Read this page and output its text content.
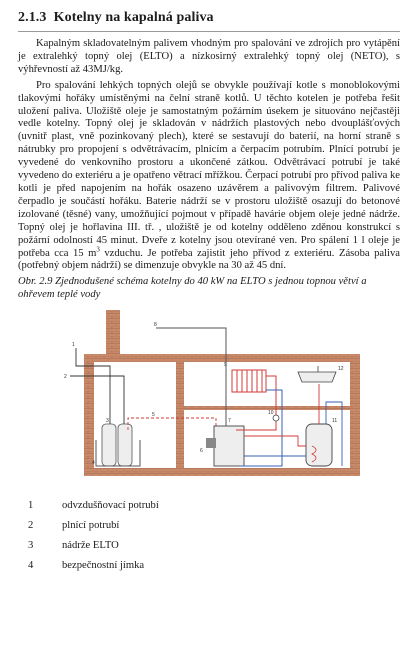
2.1.3 Kotelny na kapalná paliva

Kapalným skladovatelným palivem vhodným pro spalování ve zdrojích pro vytápění je extralehký topný olej (ELTO) a nízkosirný extralehký topný olej (NETO), s výhřevností až 43MJ/kg.

Pro spalování lehkých topných olejů se obvykle používají kotle s monoblokovými tlakovými hořáky umístěnými na čelní straně kotlů. U těchto kotelen je potřeba řešit uložení paliva. Uložiště oleje je samostatným požárním úsekem je situováno nejčastěji vedle kotelny. Topný olej je skladován v nádržích plastových nebo dvouplášťových (uvnitř plast, vně pozinkovaný plech), které se sestavují do baterií, na horní straně s nátrubky pro propojení s odvětrávacím, plnicím a čerpacím potrubím. Plnící potrubí je vyvedené do venkovního prostoru a ukončené zátkou. Odvětrávací potrubí je také vyvedeno do exteriéru a je opatřeno větrací mřížkou. Čerpací potrubí pro přívod paliva ke kotli je před napojením na hořák osazeno uzávěrem a palivovým filtrem. Palivové čerpadlo je součástí hořáku. Baterie nádrží se v prostoru uložiště osazují do betonové izolované (těsné) vany, umožňující pojmout v případě havárie objem oleje jedné nádrže. Topný olej je hořlavina III. tř. , uložiště je od kotelny odděleno zděnou konstrukcí s požární odolností 45 minut. Dveře z kotelny jsou otevírané ven. Pro spálení 1 l oleje je potřeba cca 15 $m^3$ vzduchu. Je potřeba zajistit jeho přívod z exteriéru. Zásoba paliva (potřebný objem nádrží) se dimenzuje obvykle na 30 až 45 dní.

Obr. 2.9 Zjednodušené schéma kotelny do 40 kW na ELTO s jednou topnou větví a ohřevem teplé vody
1
2
3
4
5
6
7
8
9
10
11
12
1	odvzdušňovací potrubí
2	plnící potrubí
3	nádrže ELTO
4	bezpečnostní jímka
